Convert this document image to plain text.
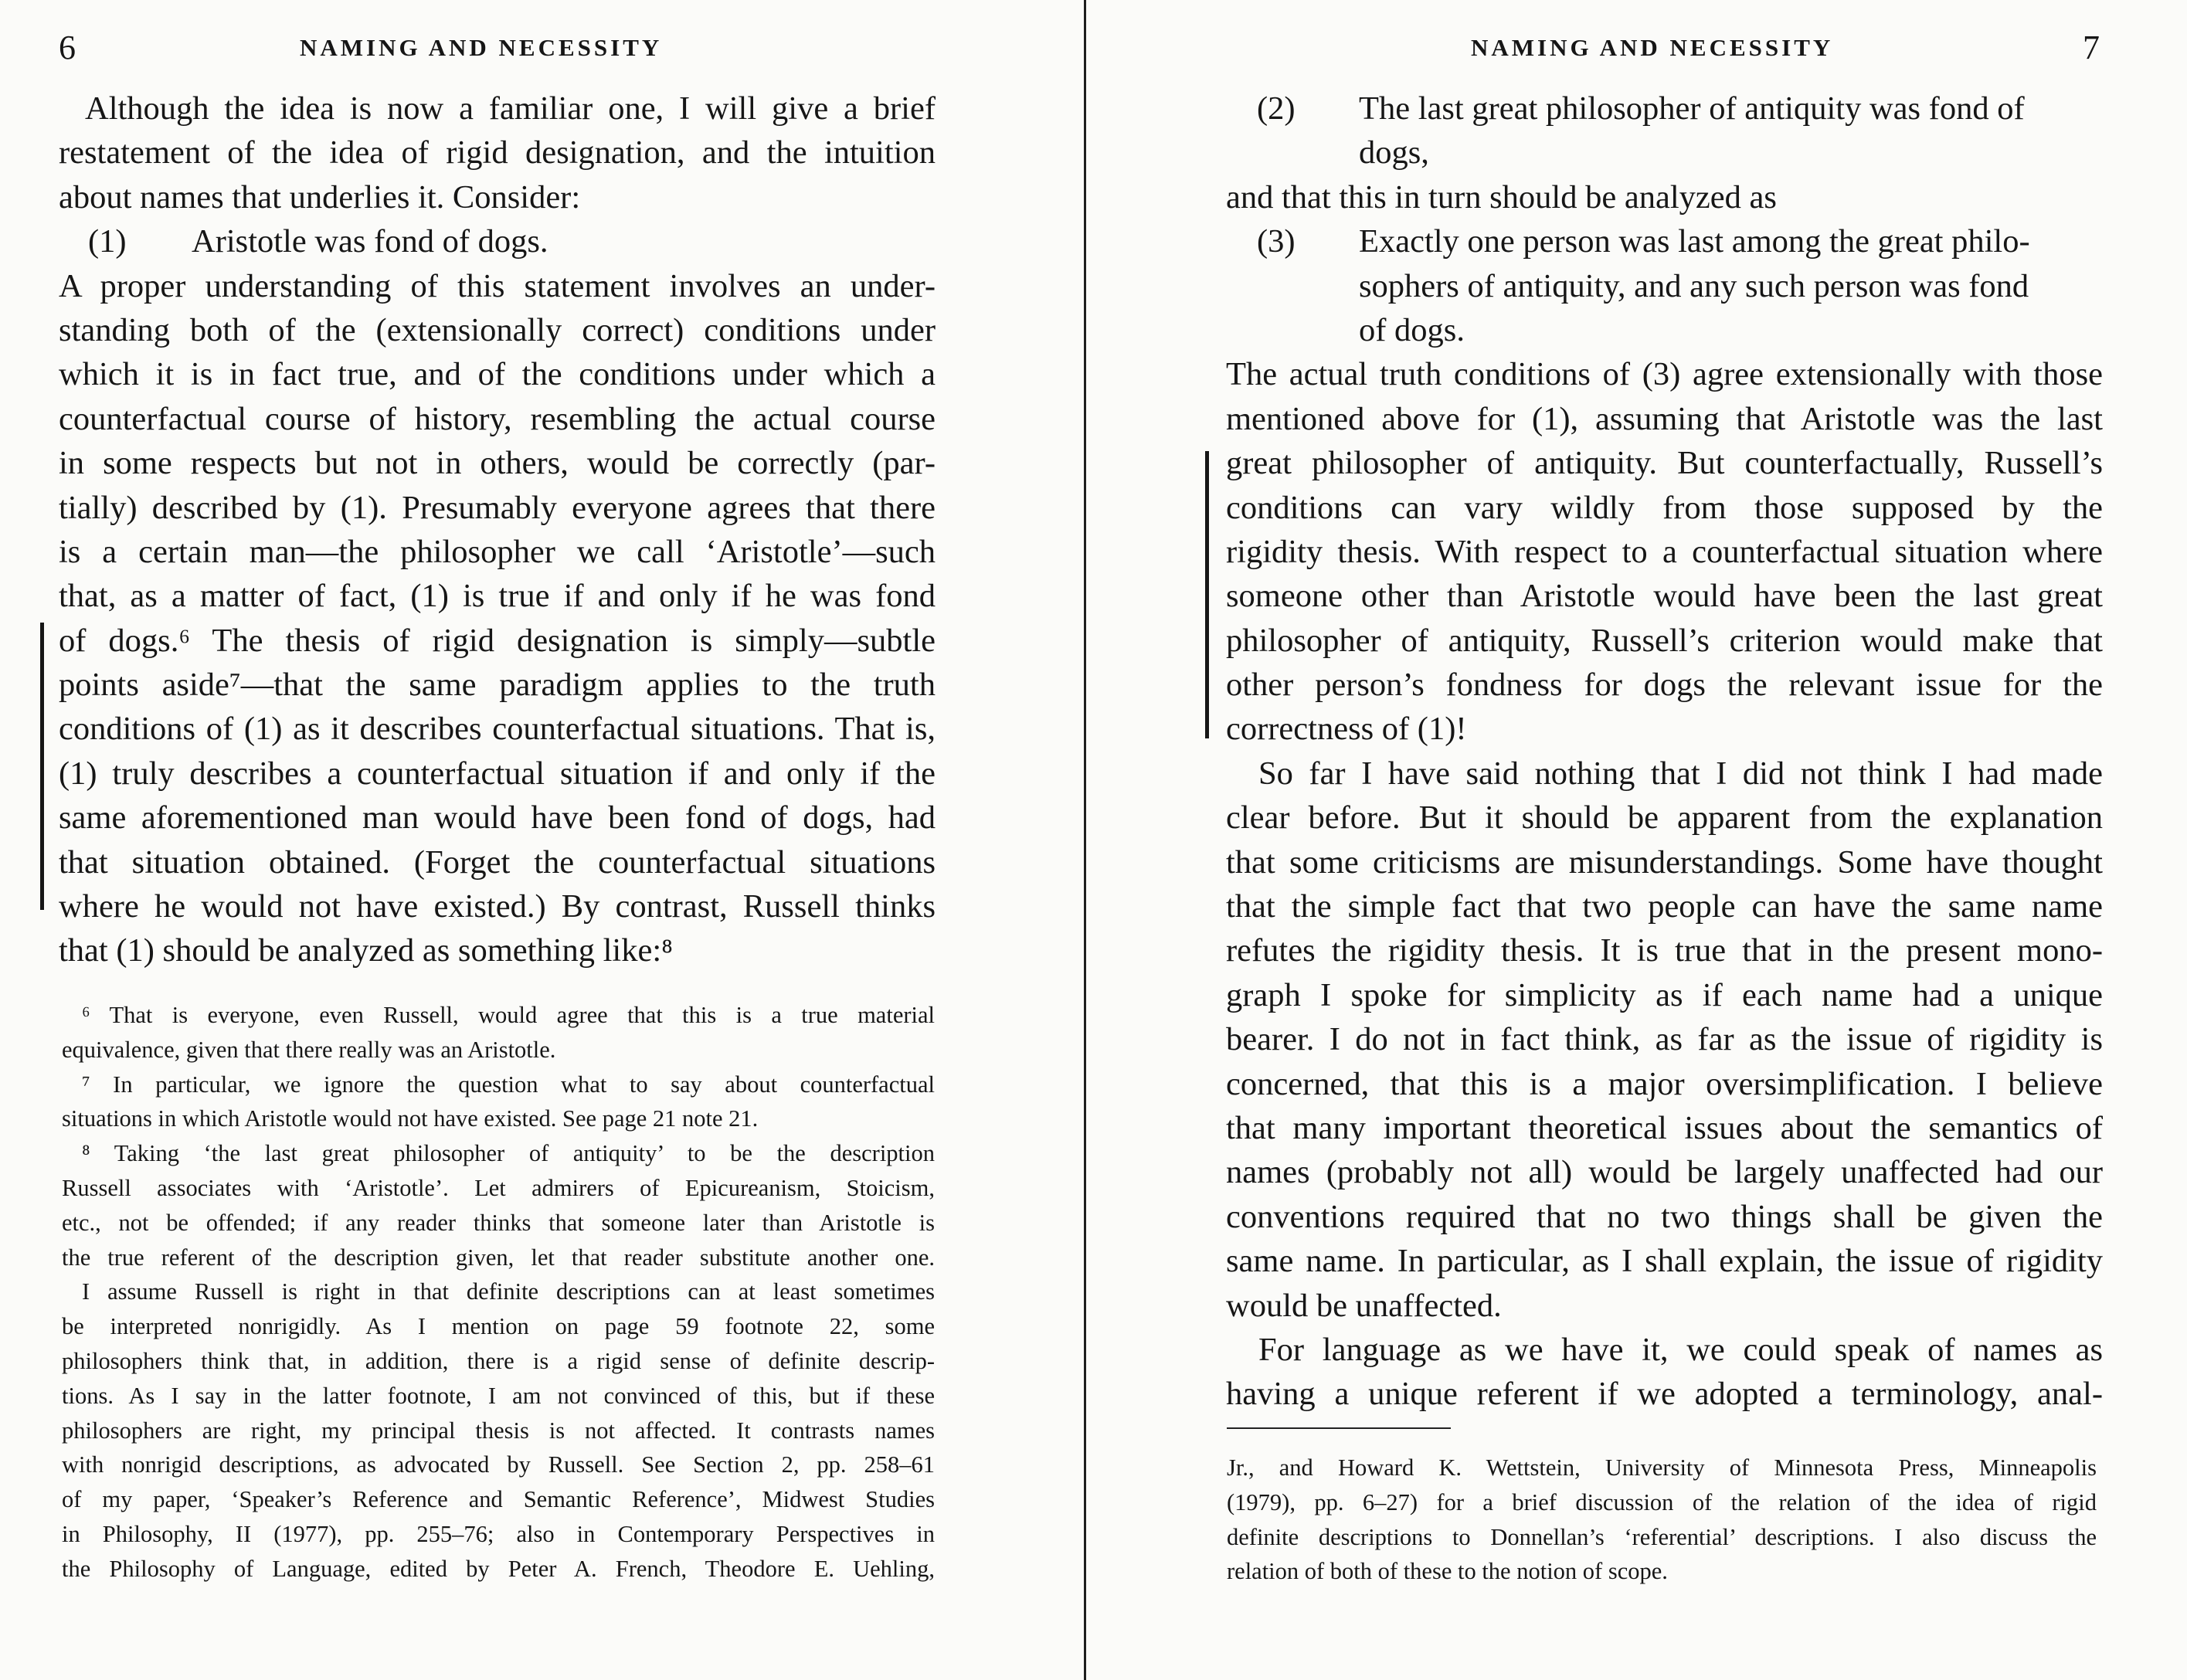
6	NAMING AND NECESSITY
Although the idea is now a familiar one, I will give a brief
restatement of the idea of rigid designation, and the intuition
about names that underlies it. Consider:
(1) Aristotle was fond of dogs.
A proper understanding of this statement involves an under-
standing both of the (extensionally correct) conditions under
which it is in fact true, and of the conditions under which a
counterfactual course of history, resembling the actual course
in some respects but not in others, would be correctly (par-
tially) described by (1). Presumably everyone agrees that there
is a certain man—the philosopher we call ‘Aristotle’—such
that, as a matter of fact, (1) is true if and only if he was fond
of dogs.⁶ The thesis of rigid designation is simply—subtle
points aside⁷—that the same paradigm applies to the truth
conditions of (1) as it describes counterfactual situations. That is,
(1) truly describes a counterfactual situation if and only if the
same aforementioned man would have been fond of dogs, had
that situation obtained. (Forget the counterfactual situations
where he would not have existed.) By contrast, Russell thinks
that (1) should be analyzed as something like:⁸
⁶ That is everyone, even Russell, would agree that this is a true material
equivalence, given that there really was an Aristotle.
⁷ In particular, we ignore the question what to say about counterfactual
situations in which Aristotle would not have existed. See page 21 note 21.
⁸ Taking ‘the last great philosopher of antiquity’ to be the description
Russell associates with ‘Aristotle’. Let admirers of Epicureanism, Stoicism,
etc., not be offended; if any reader thinks that someone later than Aristotle is
the true referent of the description given, let that reader substitute another one.
I assume Russell is right in that definite descriptions can at least sometimes
be interpreted nonrigidly. As I mention on page 59 footnote 22, some
philosophers think that, in addition, there is a rigid sense of definite descrip-
tions. As I say in the latter footnote, I am not convinced of this, but if these
philosophers are right, my principal thesis is not affected. It contrasts names
with nonrigid descriptions, as advocated by Russell. See Section 2, pp. 258–61
of my paper, ‘Speaker’s Reference and Semantic Reference’, Midwest Studies
in Philosophy, II (1977), pp. 255–76; also in Contemporary Perspectives in
the Philosophy of Language, edited by Peter A. French, Theodore E. Uehling,
NAMING AND NECESSITY	7
(2) The last great philosopher of antiquity was fond of
dogs,
and that this in turn should be analyzed as
(3) Exactly one person was last among the great philo-
sophers of antiquity, and any such person was fond
of dogs.
The actual truth conditions of (3) agree extensionally with those
mentioned above for (1), assuming that Aristotle was the last
great philosopher of antiquity. But counterfactually, Russell’s
conditions can vary wildly from those supposed by the
rigidity thesis. With respect to a counterfactual situation where
someone other than Aristotle would have been the last great
philosopher of antiquity, Russell’s criterion would make that
other person’s fondness for dogs the relevant issue for the
correctness of (1)!
So far I have said nothing that I did not think I had made
clear before. But it should be apparent from the explanation
that some criticisms are misunderstandings. Some have thought
that the simple fact that two people can have the same name
refutes the rigidity thesis. It is true that in the present mono-
graph I spoke for simplicity as if each name had a unique
bearer. I do not in fact think, as far as the issue of rigidity is
concerned, that this is a major oversimplification. I believe
that many important theoretical issues about the semantics of
names (probably not all) would be largely unaffected had our
conventions required that no two things shall be given the
same name. In particular, as I shall explain, the issue of rigidity
would be unaffected.
For language as we have it, we could speak of names as
having a unique referent if we adopted a terminology, anal-
Jr., and Howard K. Wettstein, University of Minnesota Press, Minneapolis
(1979), pp. 6–27) for a brief discussion of the relation of the idea of rigid
definite descriptions to Donnellan’s ‘referential’ descriptions. I also discuss the
relation of both of these to the notion of scope.
